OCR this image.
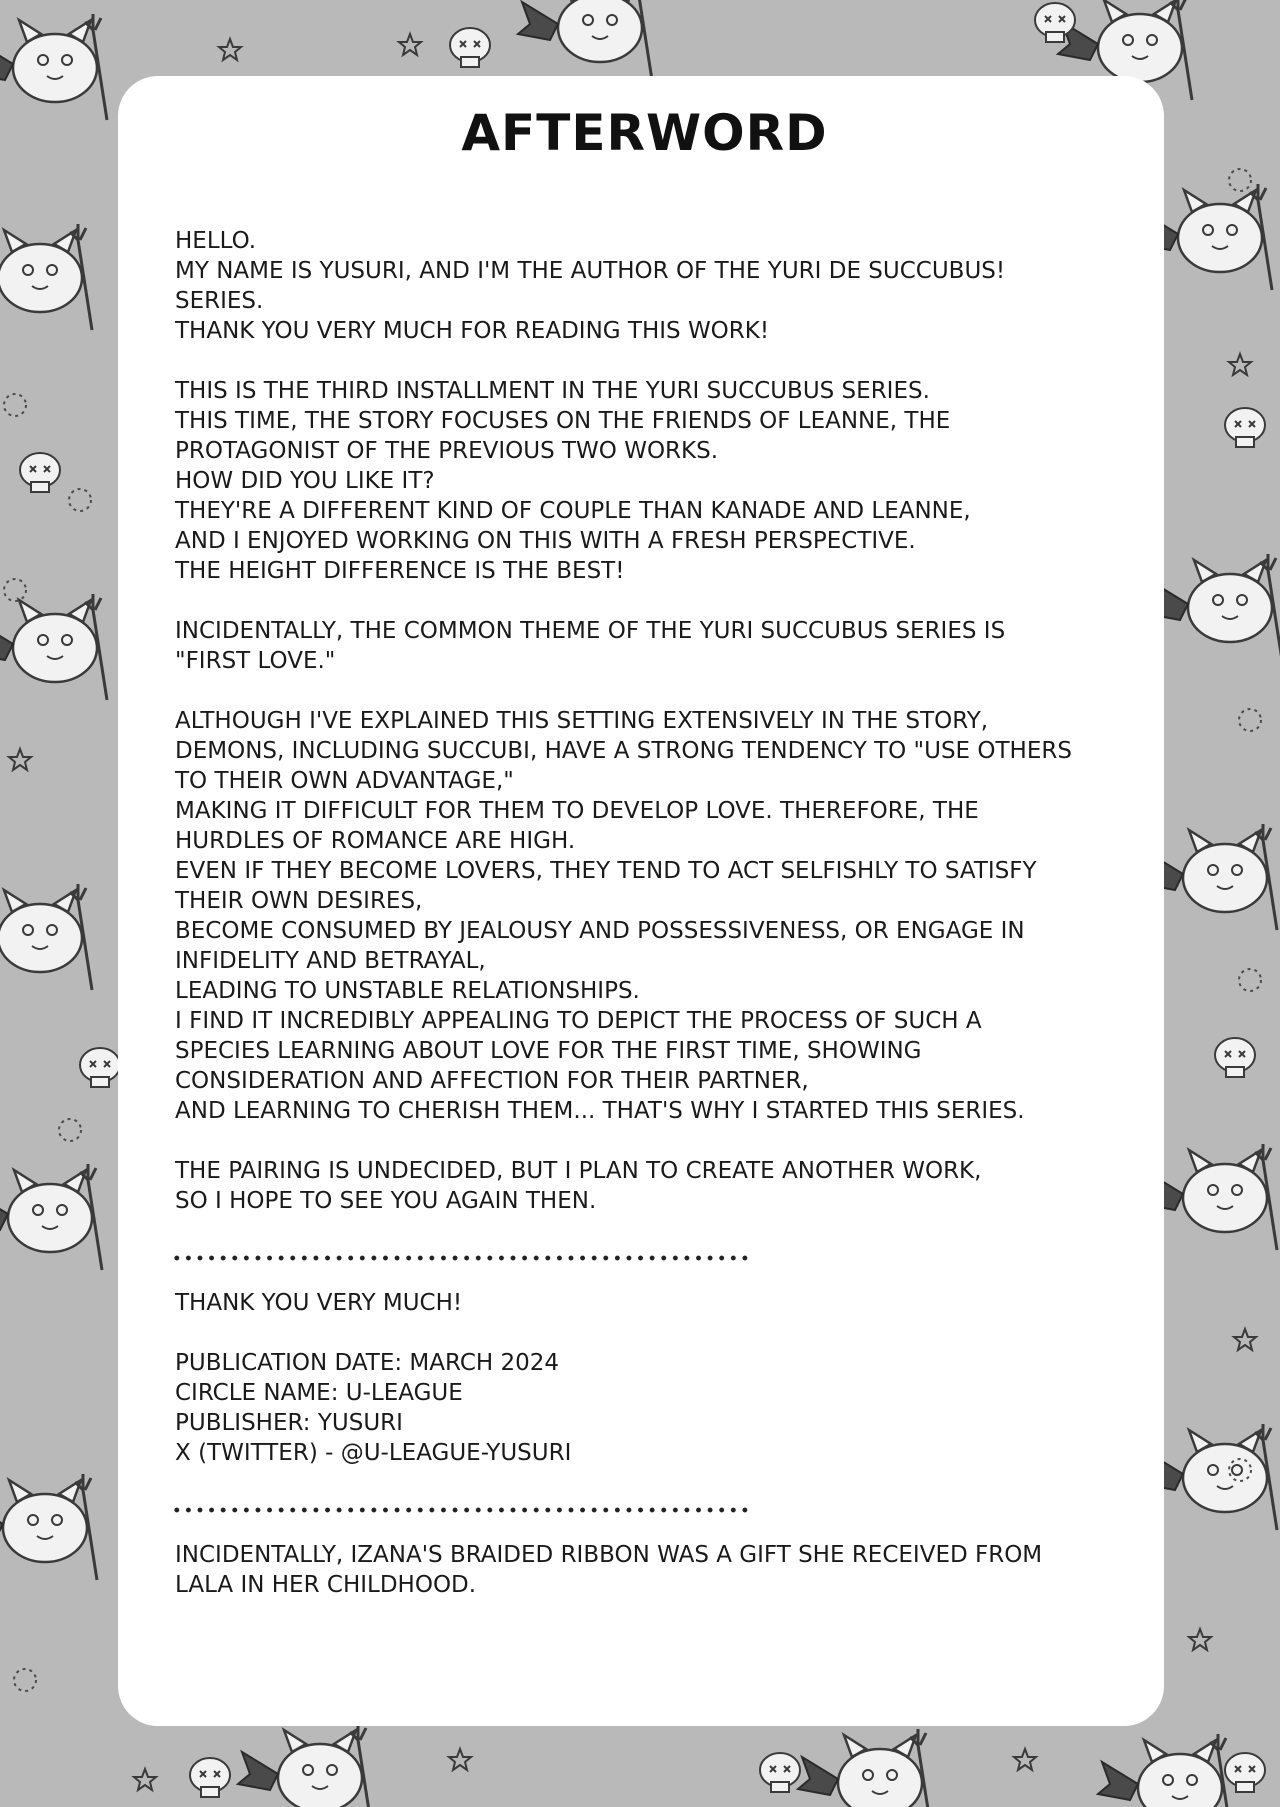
AFTERWORD
HELLO.
MY NAME IS YUSURI, AND I'M THE AUTHOR OF THE YURI DE SUCCUBUS!
SERIES.
THANK YOU VERY MUCH FOR READING THIS WORK!
THIS IS THE THIRD INSTALLMENT IN THE YURI SUCCUBUS SERIES.
THIS TIME, THE STORY FOCUSES ON THE FRIENDS OF LEANNE, THE
PROTAGONIST OF THE PREVIOUS TWO WORKS.
HOW DID YOU LIKE IT?
THEY'RE A DIFFERENT KIND OF COUPLE THAN KANADE AND LEANNE,
AND I ENJOYED WORKING ON THIS WITH A FRESH PERSPECTIVE.
THE HEIGHT DIFFERENCE IS THE BEST!
INCIDENTALLY, THE COMMON THEME OF THE YURI SUCCUBUS SERIES IS
"FIRST LOVE."
ALTHOUGH I'VE EXPLAINED THIS SETTING EXTENSIVELY IN THE STORY,
DEMONS, INCLUDING SUCCUBI, HAVE A STRONG TENDENCY TO "USE OTHERS
TO THEIR OWN ADVANTAGE,"
MAKING IT DIFFICULT FOR THEM TO DEVELOP LOVE. THEREFORE, THE
HURDLES OF ROMANCE ARE HIGH.
EVEN IF THEY BECOME LOVERS, THEY TEND TO ACT SELFISHLY TO SATISFY
THEIR OWN DESIRES,
BECOME CONSUMED BY JEALOUSY AND POSSESSIVENESS, OR ENGAGE IN
INFIDELITY AND BETRAYAL,
LEADING TO UNSTABLE RELATIONSHIPS.
I FIND IT INCREDIBLY APPEALING TO DEPICT THE PROCESS OF SUCH A
SPECIES LEARNING ABOUT LOVE FOR THE FIRST TIME, SHOWING
CONSIDERATION AND AFFECTION FOR THEIR PARTNER,
AND LEARNING TO CHERISH THEM... THAT'S WHY I STARTED THIS SERIES.
THE PAIRING IS UNDECIDED, BUT I PLAN TO CREATE ANOTHER WORK,
SO I HOPE TO SEE YOU AGAIN THEN.
THANK YOU VERY MUCH!
PUBLICATION DATE: MARCH 2024
CIRCLE NAME: U-LEAGUE
PUBLISHER: YUSURI
X (TWITTER) - @U-LEAGUE-YUSURI
INCIDENTALLY, IZANA'S BRAIDED RIBBON WAS A GIFT SHE RECEIVED FROM
LALA IN HER CHILDHOOD.
